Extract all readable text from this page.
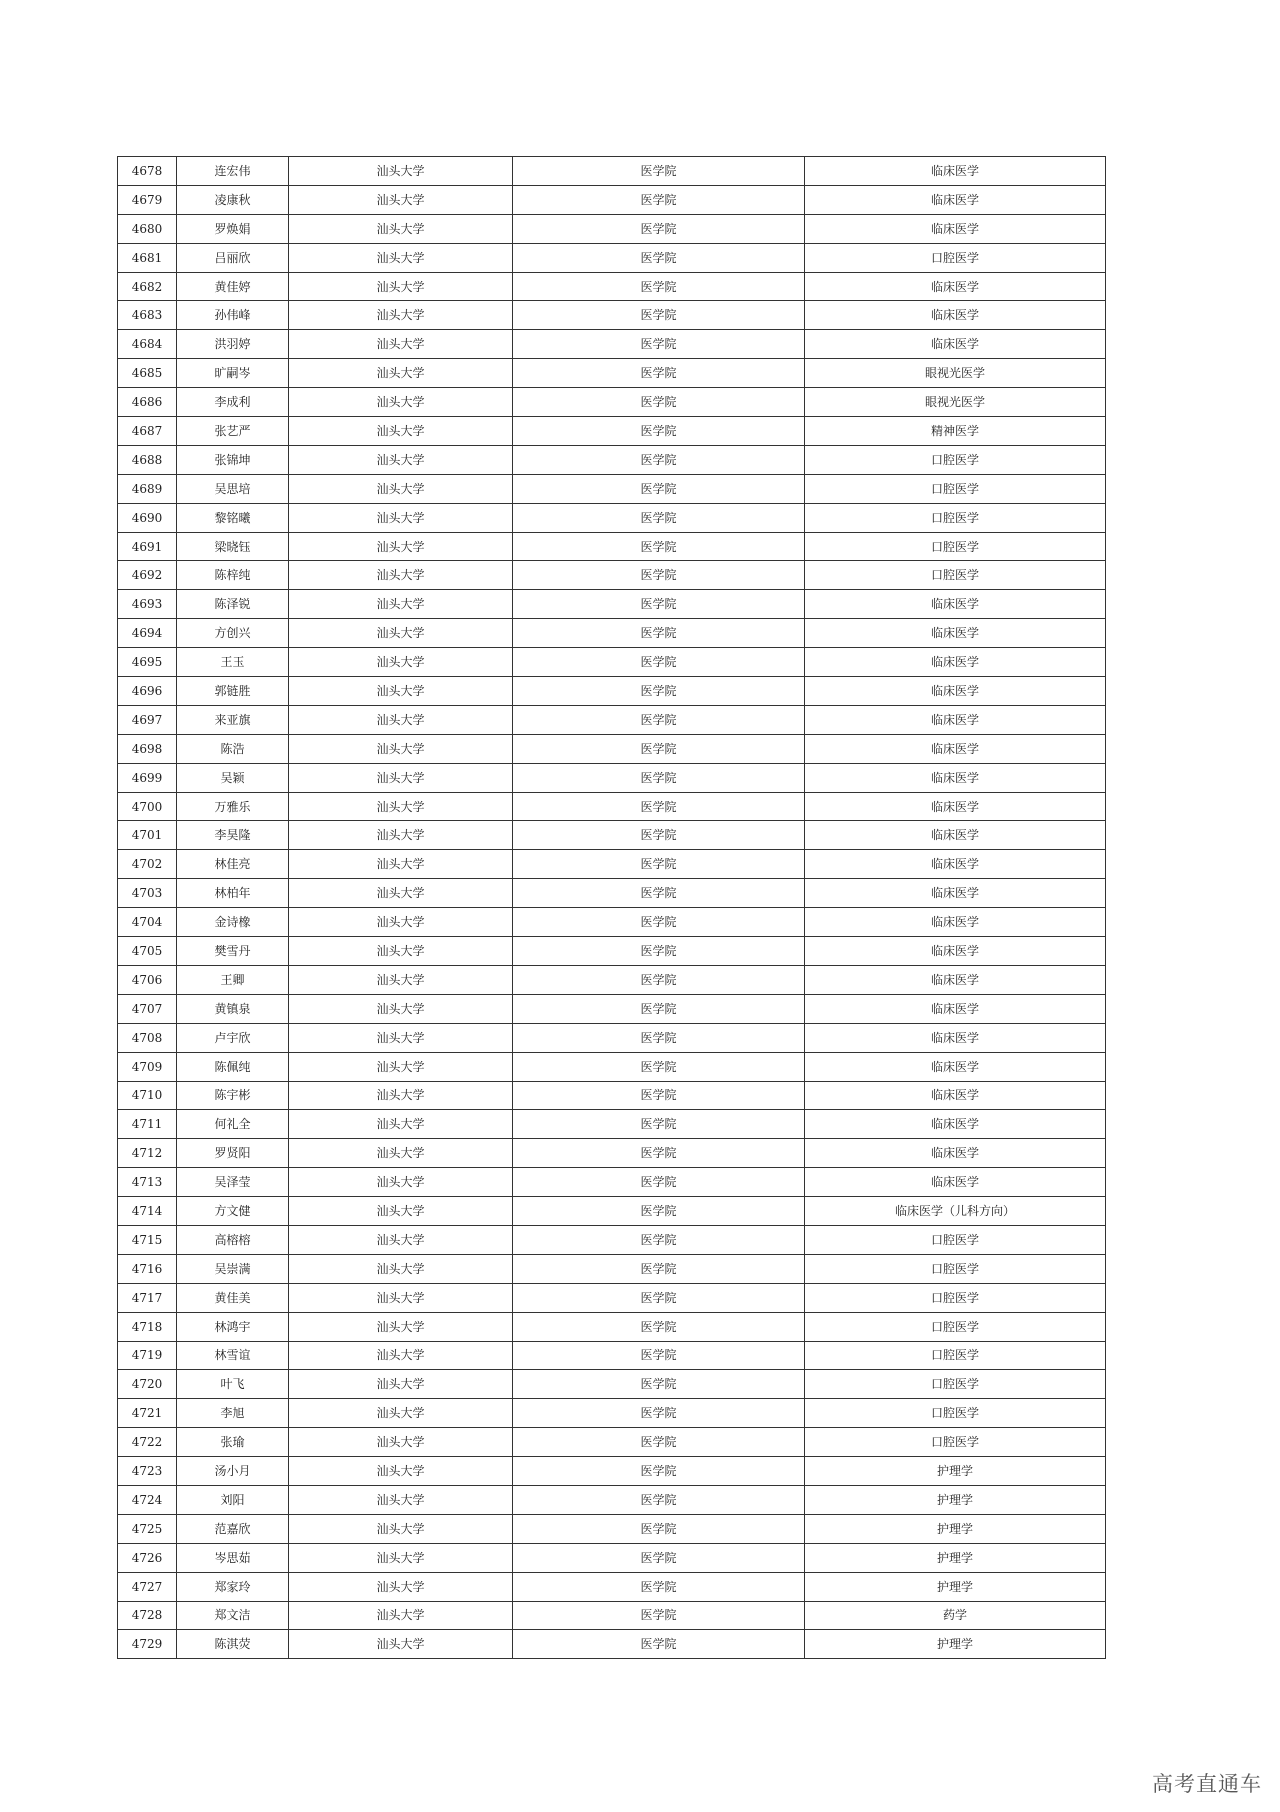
4678	连宏伟	汕头大学	医学院	临床医学
4679	凌康秋	汕头大学	医学院	临床医学
4680	罗焕娟	汕头大学	医学院	临床医学
4681	吕丽欣	汕头大学	医学院	口腔医学
4682	黄佳婷	汕头大学	医学院	临床医学
4683	孙伟峰	汕头大学	医学院	临床医学
4684	洪羽婷	汕头大学	医学院	临床医学
4685	旷嗣岑	汕头大学	医学院	眼视光医学
4686	李成利	汕头大学	医学院	眼视光医学
4687	张艺严	汕头大学	医学院	精神医学
4688	张锦坤	汕头大学	医学院	口腔医学
4689	吴思培	汕头大学	医学院	口腔医学
4690	黎铭曦	汕头大学	医学院	口腔医学
4691	梁晓钰	汕头大学	医学院	口腔医学
4692	陈梓纯	汕头大学	医学院	口腔医学
4693	陈泽锐	汕头大学	医学院	临床医学
4694	方创兴	汕头大学	医学院	临床医学
4695	王玉	汕头大学	医学院	临床医学
4696	郭链胜	汕头大学	医学院	临床医学
4697	来亚旗	汕头大学	医学院	临床医学
4698	陈浩	汕头大学	医学院	临床医学
4699	吴颖	汕头大学	医学院	临床医学
4700	万雅乐	汕头大学	医学院	临床医学
4701	李昊隆	汕头大学	医学院	临床医学
4702	林佳亮	汕头大学	医学院	临床医学
4703	林柏年	汕头大学	医学院	临床医学
4704	金诗橡	汕头大学	医学院	临床医学
4705	樊雪丹	汕头大学	医学院	临床医学
4706	王卿	汕头大学	医学院	临床医学
4707	黄镇泉	汕头大学	医学院	临床医学
4708	卢宇欣	汕头大学	医学院	临床医学
4709	陈佩纯	汕头大学	医学院	临床医学
4710	陈宇彬	汕头大学	医学院	临床医学
4711	何礼全	汕头大学	医学院	临床医学
4712	罗贤阳	汕头大学	医学院	临床医学
4713	吴泽莹	汕头大学	医学院	临床医学
4714	方文健	汕头大学	医学院	临床医学（儿科方向）
4715	高榕榕	汕头大学	医学院	口腔医学
4716	吴崇满	汕头大学	医学院	口腔医学
4717	黄佳美	汕头大学	医学院	口腔医学
4718	林鸿宇	汕头大学	医学院	口腔医学
4719	林雪谊	汕头大学	医学院	口腔医学
4720	叶飞	汕头大学	医学院	口腔医学
4721	李旭	汕头大学	医学院	口腔医学
4722	张瑜	汕头大学	医学院	口腔医学
4723	汤小月	汕头大学	医学院	护理学
4724	刘阳	汕头大学	医学院	护理学
4725	范嘉欣	汕头大学	医学院	护理学
4726	岑思茹	汕头大学	医学院	护理学
4727	郑家玲	汕头大学	医学院	护理学
4728	郑文洁	汕头大学	医学院	药学
4729	陈淇荧	汕头大学	医学院	护理学
高考直通车
